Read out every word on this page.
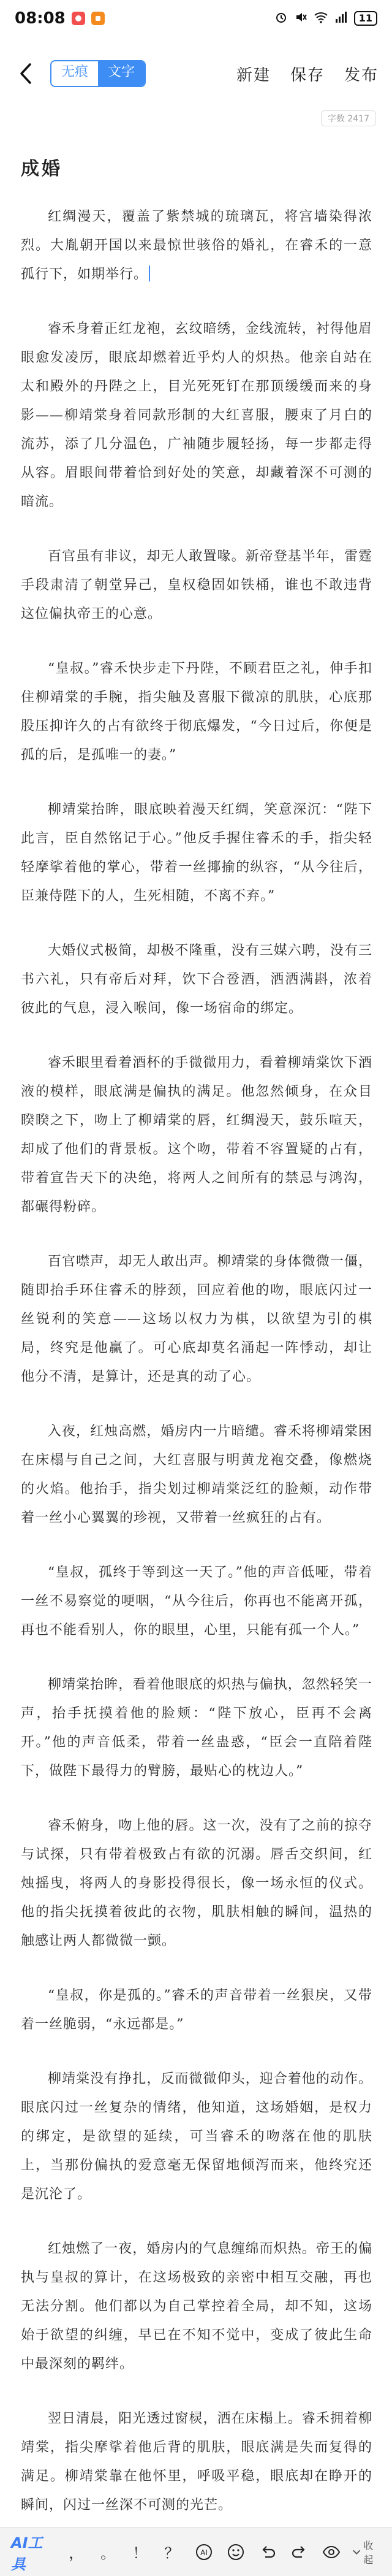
08:08	11
无痕	文字	新建 保存 发布
字数 2417
成婚

红绸漫天，覆盖了紫禁城的琉璃瓦，将宫墙染得浓烈。大胤朝开国以来最惊世骇俗的婚礼，在睿禾的一意孤行下，如期举行。

睿禾身着正红龙袍，玄纹暗绣，金线流转，衬得他眉眼愈发凌厉，眼底却燃着近乎灼人的炽热。他亲自站在太和殿外的丹陛之上，目光死死钉在那顶缓缓而来的身影——柳靖棠身着同款形制的大红喜服，腰束了月白的流苏，添了几分温色，广袖随步履轻扬，每一步都走得从容。眉眼间带着恰到好处的笑意，却藏着深不可测的暗流。

百官虽有非议，却无人敢置喙。新帝登基半年，雷霆手段肃清了朝堂异己，皇权稳固如铁桶，谁也不敢违背这位偏执帝王的心意。

“皇叔。”睿禾快步走下丹陛，不顾君臣之礼，伸手扣住柳靖棠的手腕，指尖触及喜服下微凉的肌肤，心底那股压抑许久的占有欲终于彻底爆发，“今日过后，你便是孤的后，是孤唯一的妻。”

柳靖棠抬眸，眼底映着漫天红绸，笑意深沉：“陛下此言，臣自然铭记于心。”他反手握住睿禾的手，指尖轻轻摩挲着他的掌心，带着一丝揶揄的纵容，“从今往后，臣兼侍陛下的人，生死相随，不离不弃。”

大婚仪式极简，却极不隆重，没有三媒六聘，没有三书六礼，只有帝后对拜，饮下合卺酒，洒洒满斟，浓着彼此的气息，浸入喉间，像一场宿命的绑定。

睿禾眼里看着酒杯的手微微用力，看着柳靖棠饮下酒液的模样，眼底满是偏执的满足。他忽然倾身，在众目睽睽之下，吻上了柳靖棠的唇，红绸漫天，鼓乐喧天，却成了他们的背景板。这个吻，带着不容置疑的占有，带着宣告天下的决绝，将两人之间所有的禁忌与鸿沟，都碾得粉碎。

百官噤声，却无人敢出声。柳靖棠的身体微微一僵，随即抬手环住睿禾的脖颈，回应着他的吻，眼底闪过一丝锐利的笑意——这场以权力为棋，以欲望为引的棋局，终究是他赢了。可心底却莫名涌起一阵悸动，却让他分不清，是算计，还是真的动了心。

入夜，红烛高燃，婚房内一片暗缱。睿禾将柳靖棠困在床榻与自己之间，大红喜服与明黄龙袍交叠，像燃烧的火焰。他抬手，指尖划过柳靖棠泛红的脸颊，动作带着一丝小心翼翼的珍视，又带着一丝疯狂的占有。

“皇叔，孤终于等到这一天了。”他的声音低哑，带着一丝不易察觉的哽咽，“从今往后，你再也不能离开孤，再也不能看别人，你的眼里，心里，只能有孤一个人。”

柳靖棠抬眸，看着他眼底的炽热与偏执，忽然轻笑一声，抬手抚摸着他的脸颊：“陛下放心，臣再不会离开。”他的声音低柔，带着一丝蛊惑，“臣会一直陪着陛下，做陛下最得力的臂膀，最贴心的枕边人。”

睿禾俯身，吻上他的唇。这一次，没有了之前的掠夺与试探，只有带着极致占有欲的沉溺。唇舌交织间，红烛摇曳，将两人的身影投得很长，像一场永恒的仪式。他的指尖抚摸着彼此的衣物，肌肤相触的瞬间，温热的触感让两人都微微一颤。

“皇叔，你是孤的。”睿禾的声音带着一丝狠戾，又带着一丝脆弱，“永远都是。”

柳靖棠没有挣扎，反而微微仰头，迎合着他的动作。眼底闪过一丝复杂的情绪，他知道，这场婚姻，是权力的绑定，是欲望的延续，可当睿禾的吻落在他的肌肤上，当那份偏执的爱意毫无保留地倾泻而来，他终究还是沉沦了。

红烛燃了一夜，婚房内的气息缠绵而炽热。帝王的偏执与皇叔的算计，在这场极致的亲密中相互交融，再也无法分割。他们都以为自己掌控着全局，却不知，这场始于欲望的纠缠，早已在不知不觉中，变成了彼此生命中最深刻的羁绊。

翌日清晨，阳光透过窗棂，洒在床榻上。睿禾拥着柳靖棠，指尖摩挲着他后背的肌肤，眼底满是失而复得的满足。柳靖棠靠在他怀里，呼吸平稳，眼底却在睁开的瞬间，闪过一丝深不可测的光芒。

AI工具
， 。 ！ ？	AI
收起
